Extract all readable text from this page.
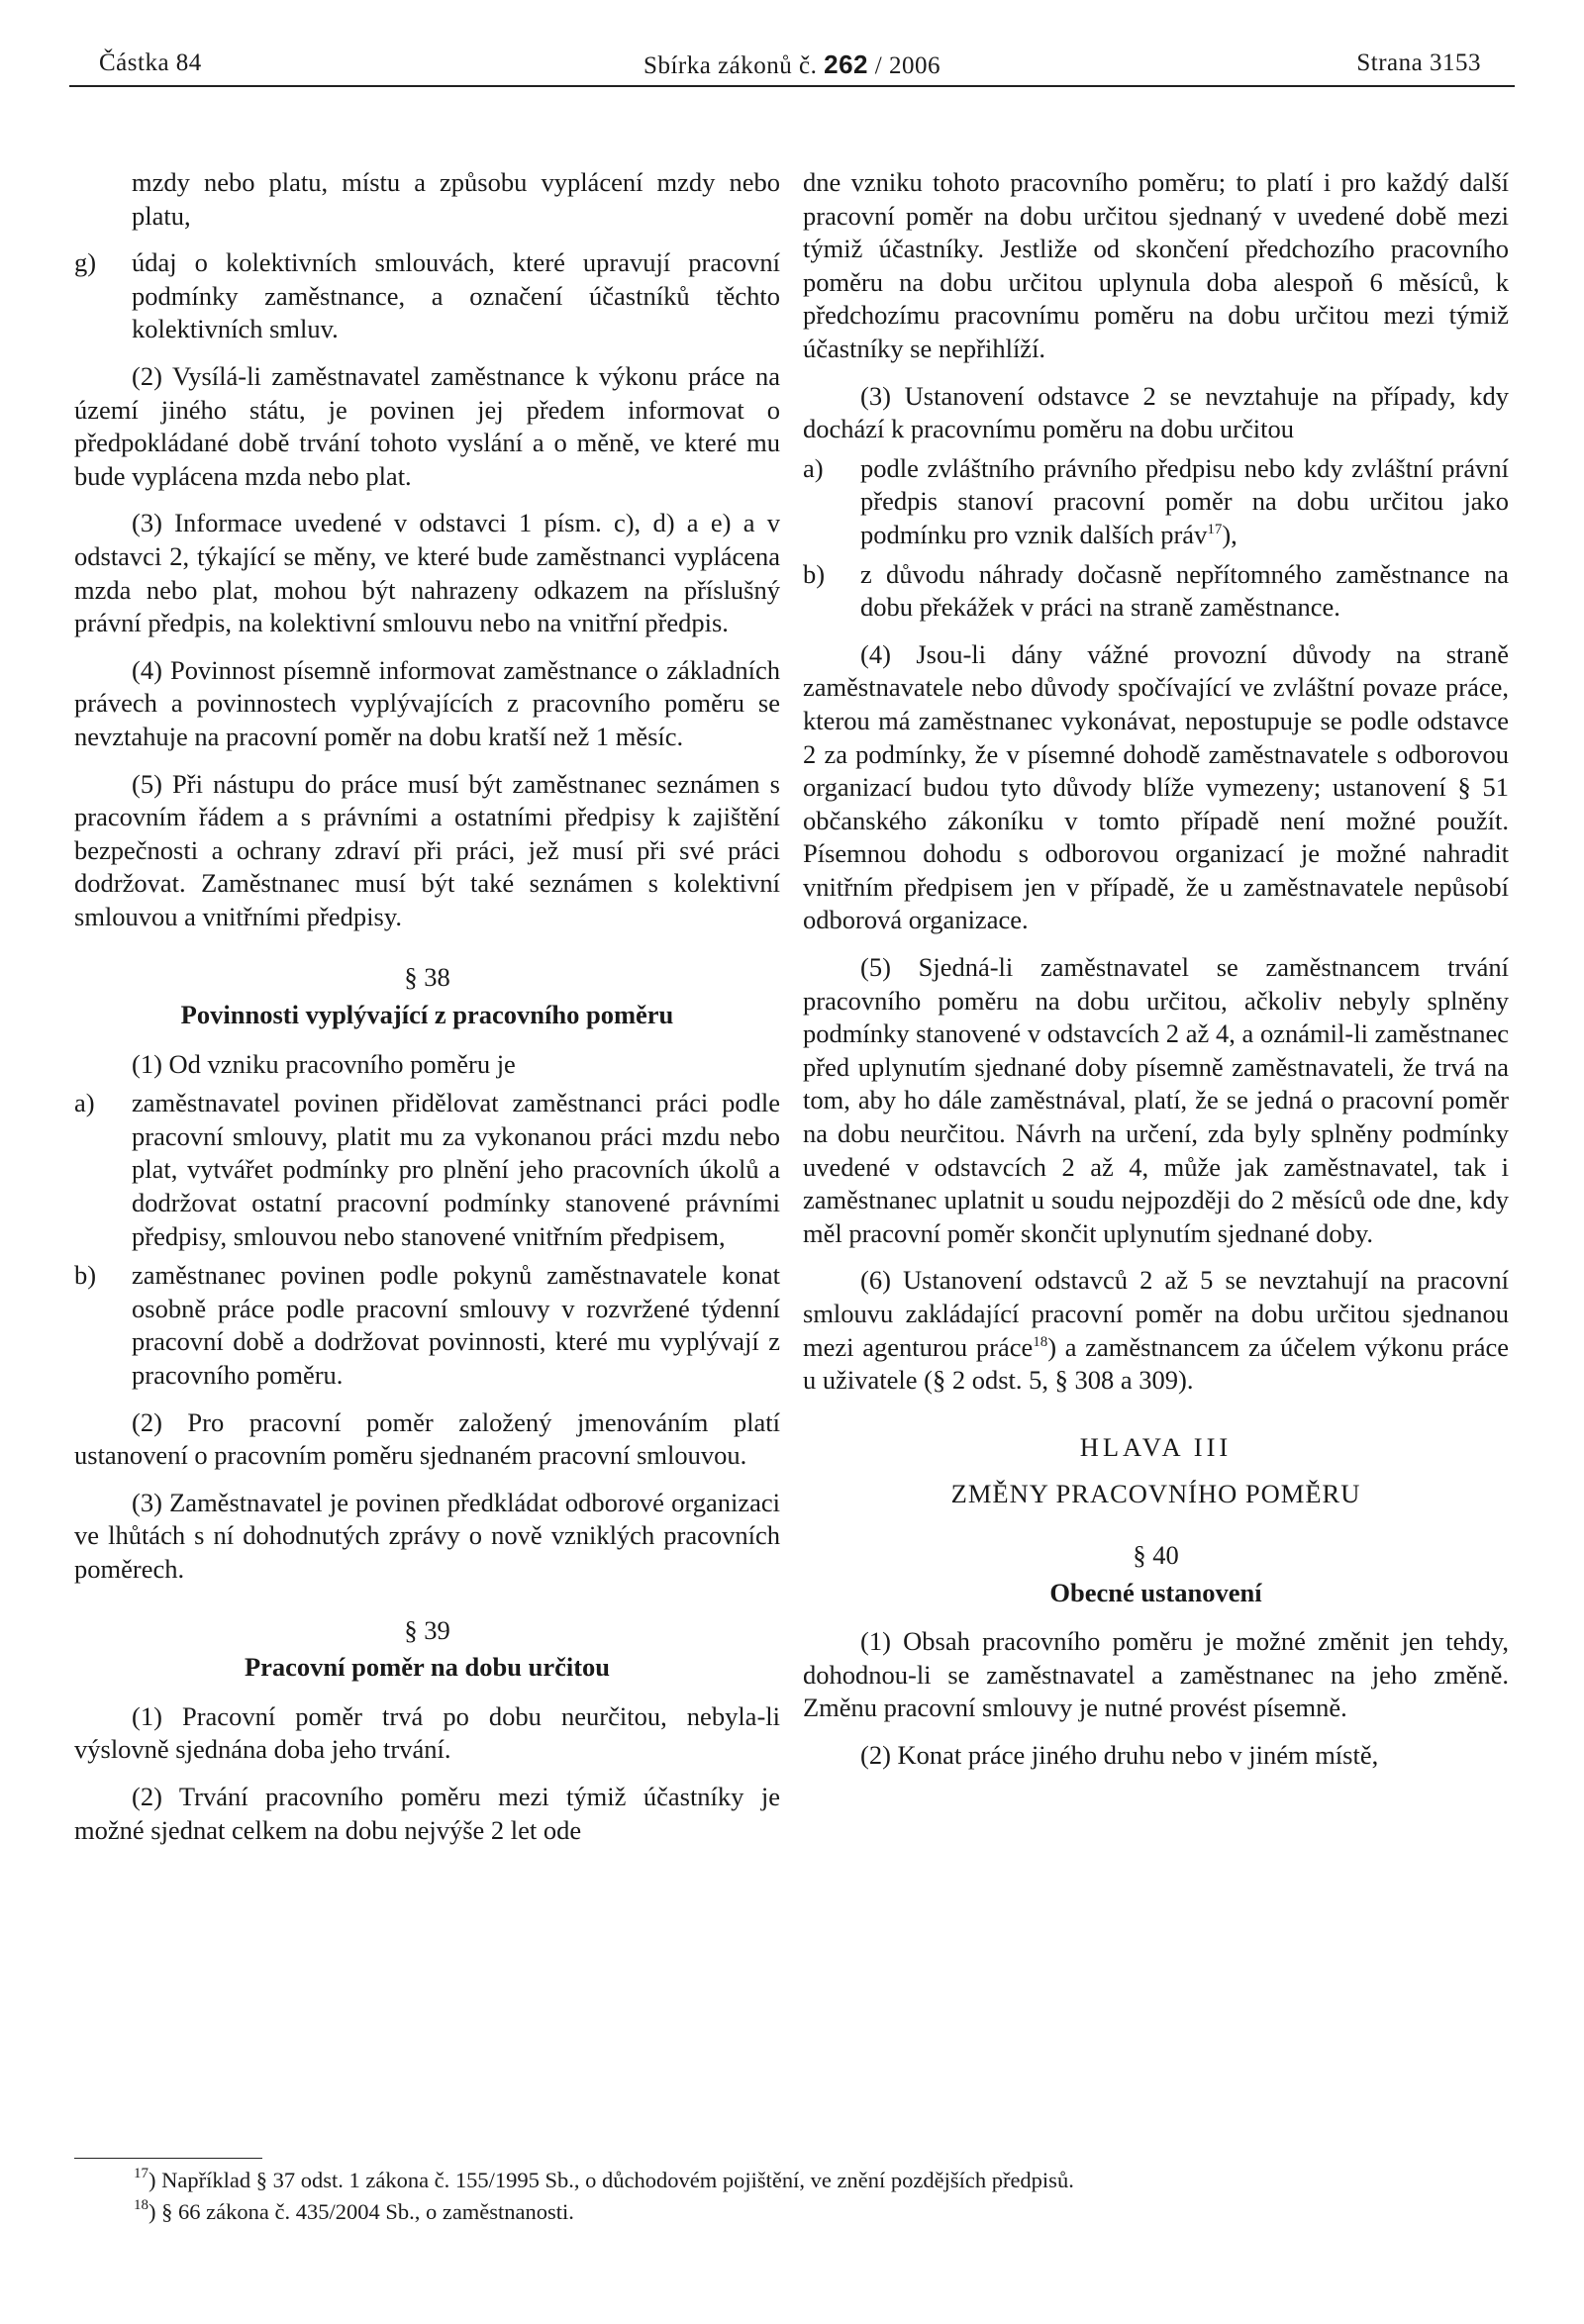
Částka 84	Sbírka zákonů č. 262 / 2006	Strana 3153

mzdy nebo platu, místu a způsobu vyplácení mzdy nebo platu,

g)	údaj o kolektivních smlouvách, které upravují pracovní podmínky zaměstnance, a označení účastníků těchto kolektivních smluv.

(2) Vysílá-li zaměstnavatel zaměstnance k výkonu práce na území jiného státu, je povinen jej předem informovat o předpokládané době trvání tohoto vyslání a o měně, ve které mu bude vyplácena mzda nebo plat.

(3) Informace uvedené v odstavci 1 písm. c), d) a e) a v odstavci 2, týkající se měny, ve které bude zaměstnanci vyplácena mzda nebo plat, mohou být nahrazeny odkazem na příslušný právní předpis, na kolektivní smlouvu nebo na vnitřní předpis.

(4) Povinnost písemně informovat zaměstnance o základních právech a povinnostech vyplývajících z pracovního poměru se nevztahuje na pracovní poměr na dobu kratší než 1 měsíc.

(5) Při nástupu do práce musí být zaměstnanec seznámen s pracovním řádem a s právními a ostatními předpisy k zajištění bezpečnosti a ochrany zdraví při práci, jež musí při své práci dodržovat. Zaměstnanec musí být také seznámen s kolektivní smlouvou a vnitřními předpisy.

§ 38
Povinnosti vyplývající z pracovního poměru

(1) Od vzniku pracovního poměru je

a)	zaměstnavatel povinen přidělovat zaměstnanci práci podle pracovní smlouvy, platit mu za vykonanou práci mzdu nebo plat, vytvářet podmínky pro plnění jeho pracovních úkolů a dodržovat ostatní pracovní podmínky stanovené právními předpisy, smlouvou nebo stanovené vnitřním předpisem,
b)	zaměstnanec povinen podle pokynů zaměstnavatele konat osobně práce podle pracovní smlouvy v rozvržené týdenní pracovní době a dodržovat povinnosti, které mu vyplývají z pracovního poměru.

(2) Pro pracovní poměr založený jmenováním platí ustanovení o pracovním poměru sjednaném pracovní smlouvou.

(3) Zaměstnavatel je povinen předkládat odborové organizaci ve lhůtách s ní dohodnutých zprávy o nově vzniklých pracovních poměrech.

§ 39
Pracovní poměr na dobu určitou

(1) Pracovní poměr trvá po dobu neurčitou, nebyla-li výslovně sjednána doba jeho trvání.

(2) Trvání pracovního poměru mezi týmiž účastníky je možné sjednat celkem na dobu nejvýše 2 let ode

dne vzniku tohoto pracovního poměru; to platí i pro každý další pracovní poměr na dobu určitou sjednaný v uvedené době mezi týmiž účastníky. Jestliže od skončení předchozího pracovního poměru na dobu určitou uplynula doba alespoň 6 měsíců, k předchozímu pracovnímu poměru na dobu určitou mezi týmiž účastníky se nepřihlíží.

(3) Ustanovení odstavce 2 se nevztahuje na případy, kdy dochází k pracovnímu poměru na dobu určitou

a)	podle zvláštního právního předpisu nebo kdy zvláštní právní předpis stanoví pracovní poměr na dobu určitou jako podmínku pro vznik dalších práv$^{17}$),
b)	z důvodu náhrady dočasně nepřítomného zaměstnance na dobu překážek v práci na straně zaměstnance.

(4) Jsou-li dány vážné provozní důvody na straně zaměstnavatele nebo důvody spočívající ve zvláštní povaze práce, kterou má zaměstnanec vykonávat, nepostupuje se podle odstavce 2 za podmínky, že v písemné dohodě zaměstnavatele s odborovou organizací budou tyto důvody blíže vymezeny; ustanovení § 51 občanského zákoníku v tomto případě není možné použít. Písemnou dohodu s odborovou organizací je možné nahradit vnitřním předpisem jen v případě, že u zaměstnavatele nepůsobí odborová organizace.

(5) Sjedná-li zaměstnavatel se zaměstnancem trvání pracovního poměru na dobu určitou, ačkoliv nebyly splněny podmínky stanovené v odstavcích 2 až 4, a oznámil-li zaměstnanec před uplynutím sjednané doby písemně zaměstnavateli, že trvá na tom, aby ho dále zaměstnával, platí, že se jedná o pracovní poměr na dobu neurčitou. Návrh na určení, zda byly splněny podmínky uvedené v odstavcích 2 až 4, může jak zaměstnavatel, tak i zaměstnanec uplatnit u soudu nejpozději do 2 měsíců ode dne, kdy měl pracovní poměr skončit uplynutím sjednané doby.

(6) Ustanovení odstavců 2 až 5 se nevztahují na pracovní smlouvu zakládající pracovní poměr na dobu určitou sjednanou mezi agenturou práce$^{18}$) a zaměstnancem za účelem výkonu práce u uživatele (§ 2 odst. 5, § 308 a 309).

HLAVA III
ZMĚNY PRACOVNÍHO POMĚRU
§ 40
Obecné ustanovení

(1) Obsah pracovního poměru je možné změnit jen tehdy, dohodnou-li se zaměstnavatel a zaměstnanec na jeho změně. Změnu pracovní smlouvy je nutné provést písemně.

(2) Konat práce jiného druhu nebo v jiném místě,

$^{17}$) Například § 37 odst. 1 zákona č. 155/1995 Sb., o důchodovém pojištění, ve znění pozdějších předpisů.
$^{18}$) § 66 zákona č. 435/2004 Sb., o zaměstnanosti.
